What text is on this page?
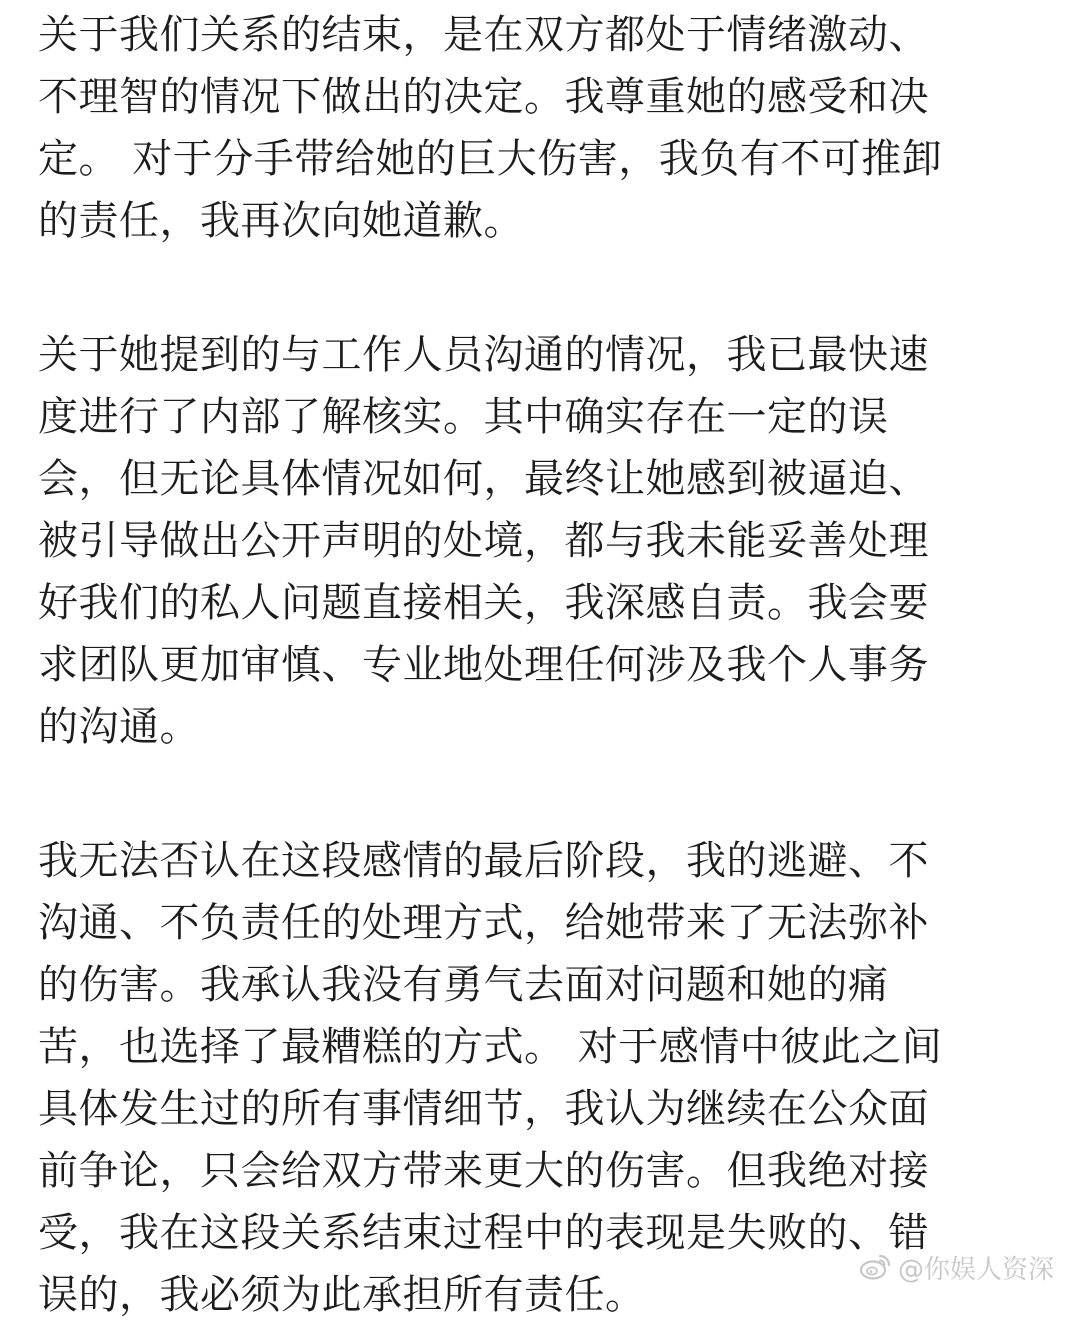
关于我们关系的结束，是在双方都处于情绪激动、
不理智的情况下做出的决定。我尊重她的感受和决
定。 对于分手带给她的巨大伤害，我负有不可推卸
的责任，我再次向她道歉。
关于她提到的与工作人员沟通的情况，我已最快速
度进行了内部了解核实。其中确实存在一定的误
会，但无论具体情况如何，最终让她感到被逼迫、
被引导做出公开声明的处境，都与我未能妥善处理
好我们的私人问题直接相关，我深感自责。我会要
求团队更加审慎、专业地处理任何涉及我个人事务
的沟通。
我无法否认在这段感情的最后阶段，我的逃避、不
沟通、不负责任的处理方式，给她带来了无法弥补
的伤害。我承认我没有勇气去面对问题和她的痛
苦，也选择了最糟糕的方式。 对于感情中彼此之间
具体发生过的所有事情细节，我认为继续在公众面
前争论，只会给双方带来更大的伤害。但我绝对接
受，我在这段关系结束过程中的表现是失败的、错
误的，我必须为此承担所有责任。
@你娱人资深
